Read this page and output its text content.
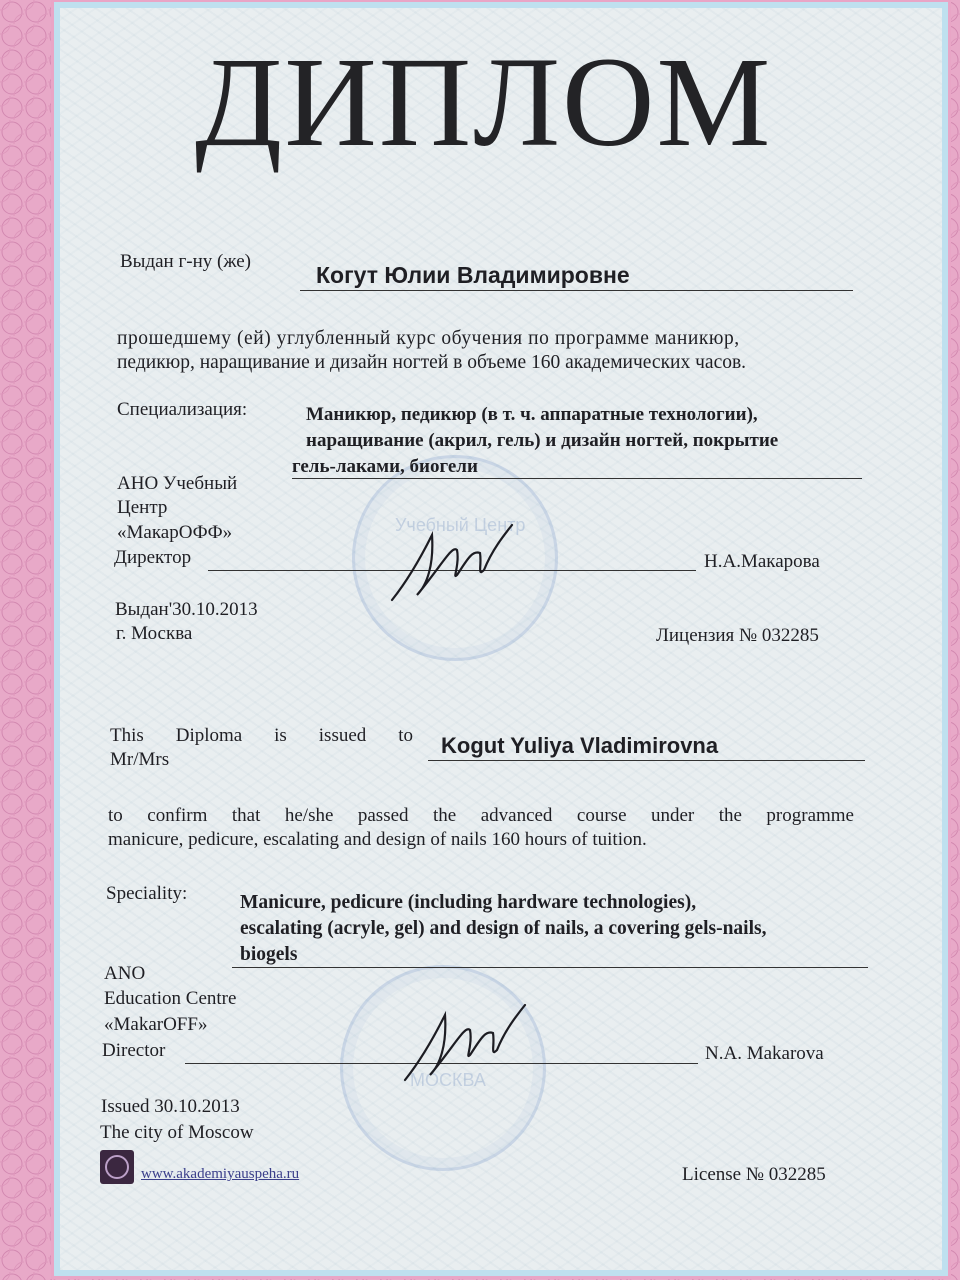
Учебный Центр
МОСКВА
ДИПЛОМ
Выдан г-ну (же)
Когут Юлии Владимировне
прошедшему (ей) углубленный курс обучения по программе маникюр,
педикюр, наращивание и дизайн ногтей в объеме 160 академических часов.
Специализация:	Маникюр, педикюр (в т. ч. аппаратные технологии),
наращивание (акрил, гель) и дизайн ногтей, покрытие
гель-лаками, биогели
АНО Учебный
Центр
«МакарОФФ»
Директор	Н.А.Макарова
Выдан'30.10.2013
г. Москва	Лицензия № 032285
This Diploma is issued to
Mr/Mrs
Kogut Yuliya Vladimirovna
to confirm that he/she passed the advanced course under the programme
manicure, pedicure, escalating and design of nails 160 hours of tuition.
Speciality:	Manicure, pedicure (including hardware technologies),
escalating (acryle, gel) and design of nails, a covering gels-nails,
biogels
ANO
Education Centre
«MakarOFF»
Director	N.A. Makarova
Issued 30.10.2013
The city of Moscow
www.akademiyauspeha.ru	License № 032285
